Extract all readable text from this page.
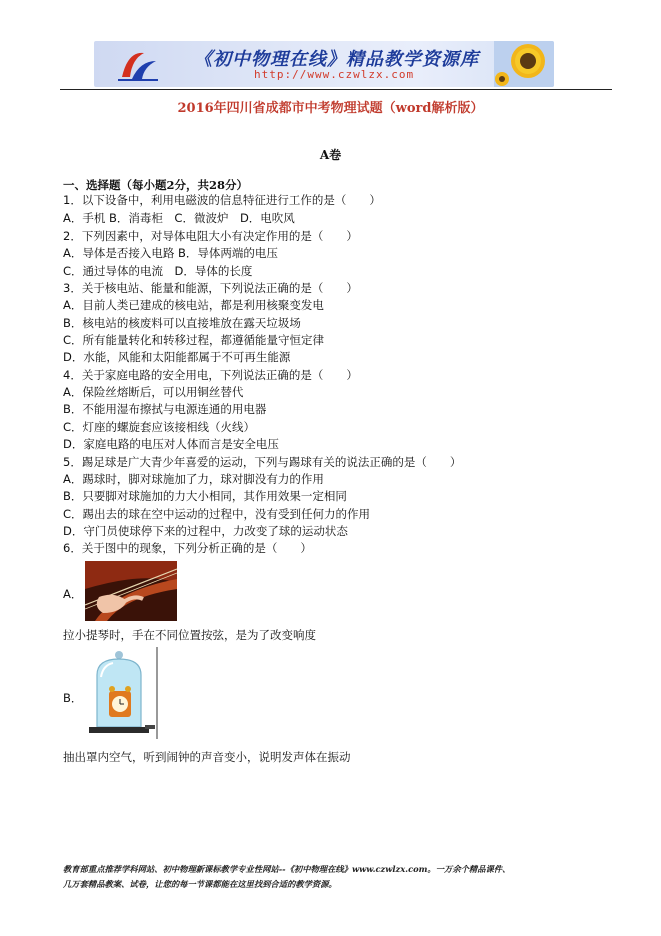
《初中物理在线》精品教学资源库
http://www.czwlzx.com
2016年四川省成都市中考物理试题（word解析版）
A卷
一、选择题（每小题2分，共28分）
1．以下设备中，利用电磁波的信息特征进行工作的是（　　）
A．手机 B．消毒柜　C．微波炉　D．电吹风
2．下列因素中，对导体电阻大小有决定作用的是（　　）
A．导体是否接入电路 B．导体两端的电压
C．通过导体的电流　D．导体的长度
3．关于核电站、能量和能源，下列说法正确的是（　　）
A．目前人类已建成的核电站，都是利用核聚变发电
B．核电站的核废料可以直接堆放在露天垃圾场
C．所有能量转化和转移过程，都遵循能量守恒定律
D．水能，风能和太阳能都属于不可再生能源
4．关于家庭电路的安全用电，下列说法正确的是（　　）
A．保险丝熔断后，可以用铜丝替代
B．不能用湿布擦拭与电源连通的用电器
C．灯座的螺旋套应该接相线（火线）
D．家庭电路的电压对人体而言是安全电压
5．踢足球是广大青少年喜爱的运动，下列与踢球有关的说法正确的是（　　）
A．踢球时，脚对球施加了力，球对脚没有力的作用
B．只要脚对球施加的力大小相同，其作用效果一定相同
C．踢出去的球在空中运动的过程中，没有受到任何力的作用
D．守门员使球停下来的过程中，力改变了球的运动状态
6．关于图中的现象，下列分析正确的是（　　）
A．
拉小提琴时，手在不同位置按弦，是为了改变响度
B．
抽出罩内空气，听到闹钟的声音变小，说明发声体在振动
教育部重点推荐学科网站、初中物理新课标教学专业性网站--《初中物理在线》www.czwlzx.com。一万余个精品课件、
几万套精品教案、试卷，让您的每一节课都能在这里找到合适的教学资源。
